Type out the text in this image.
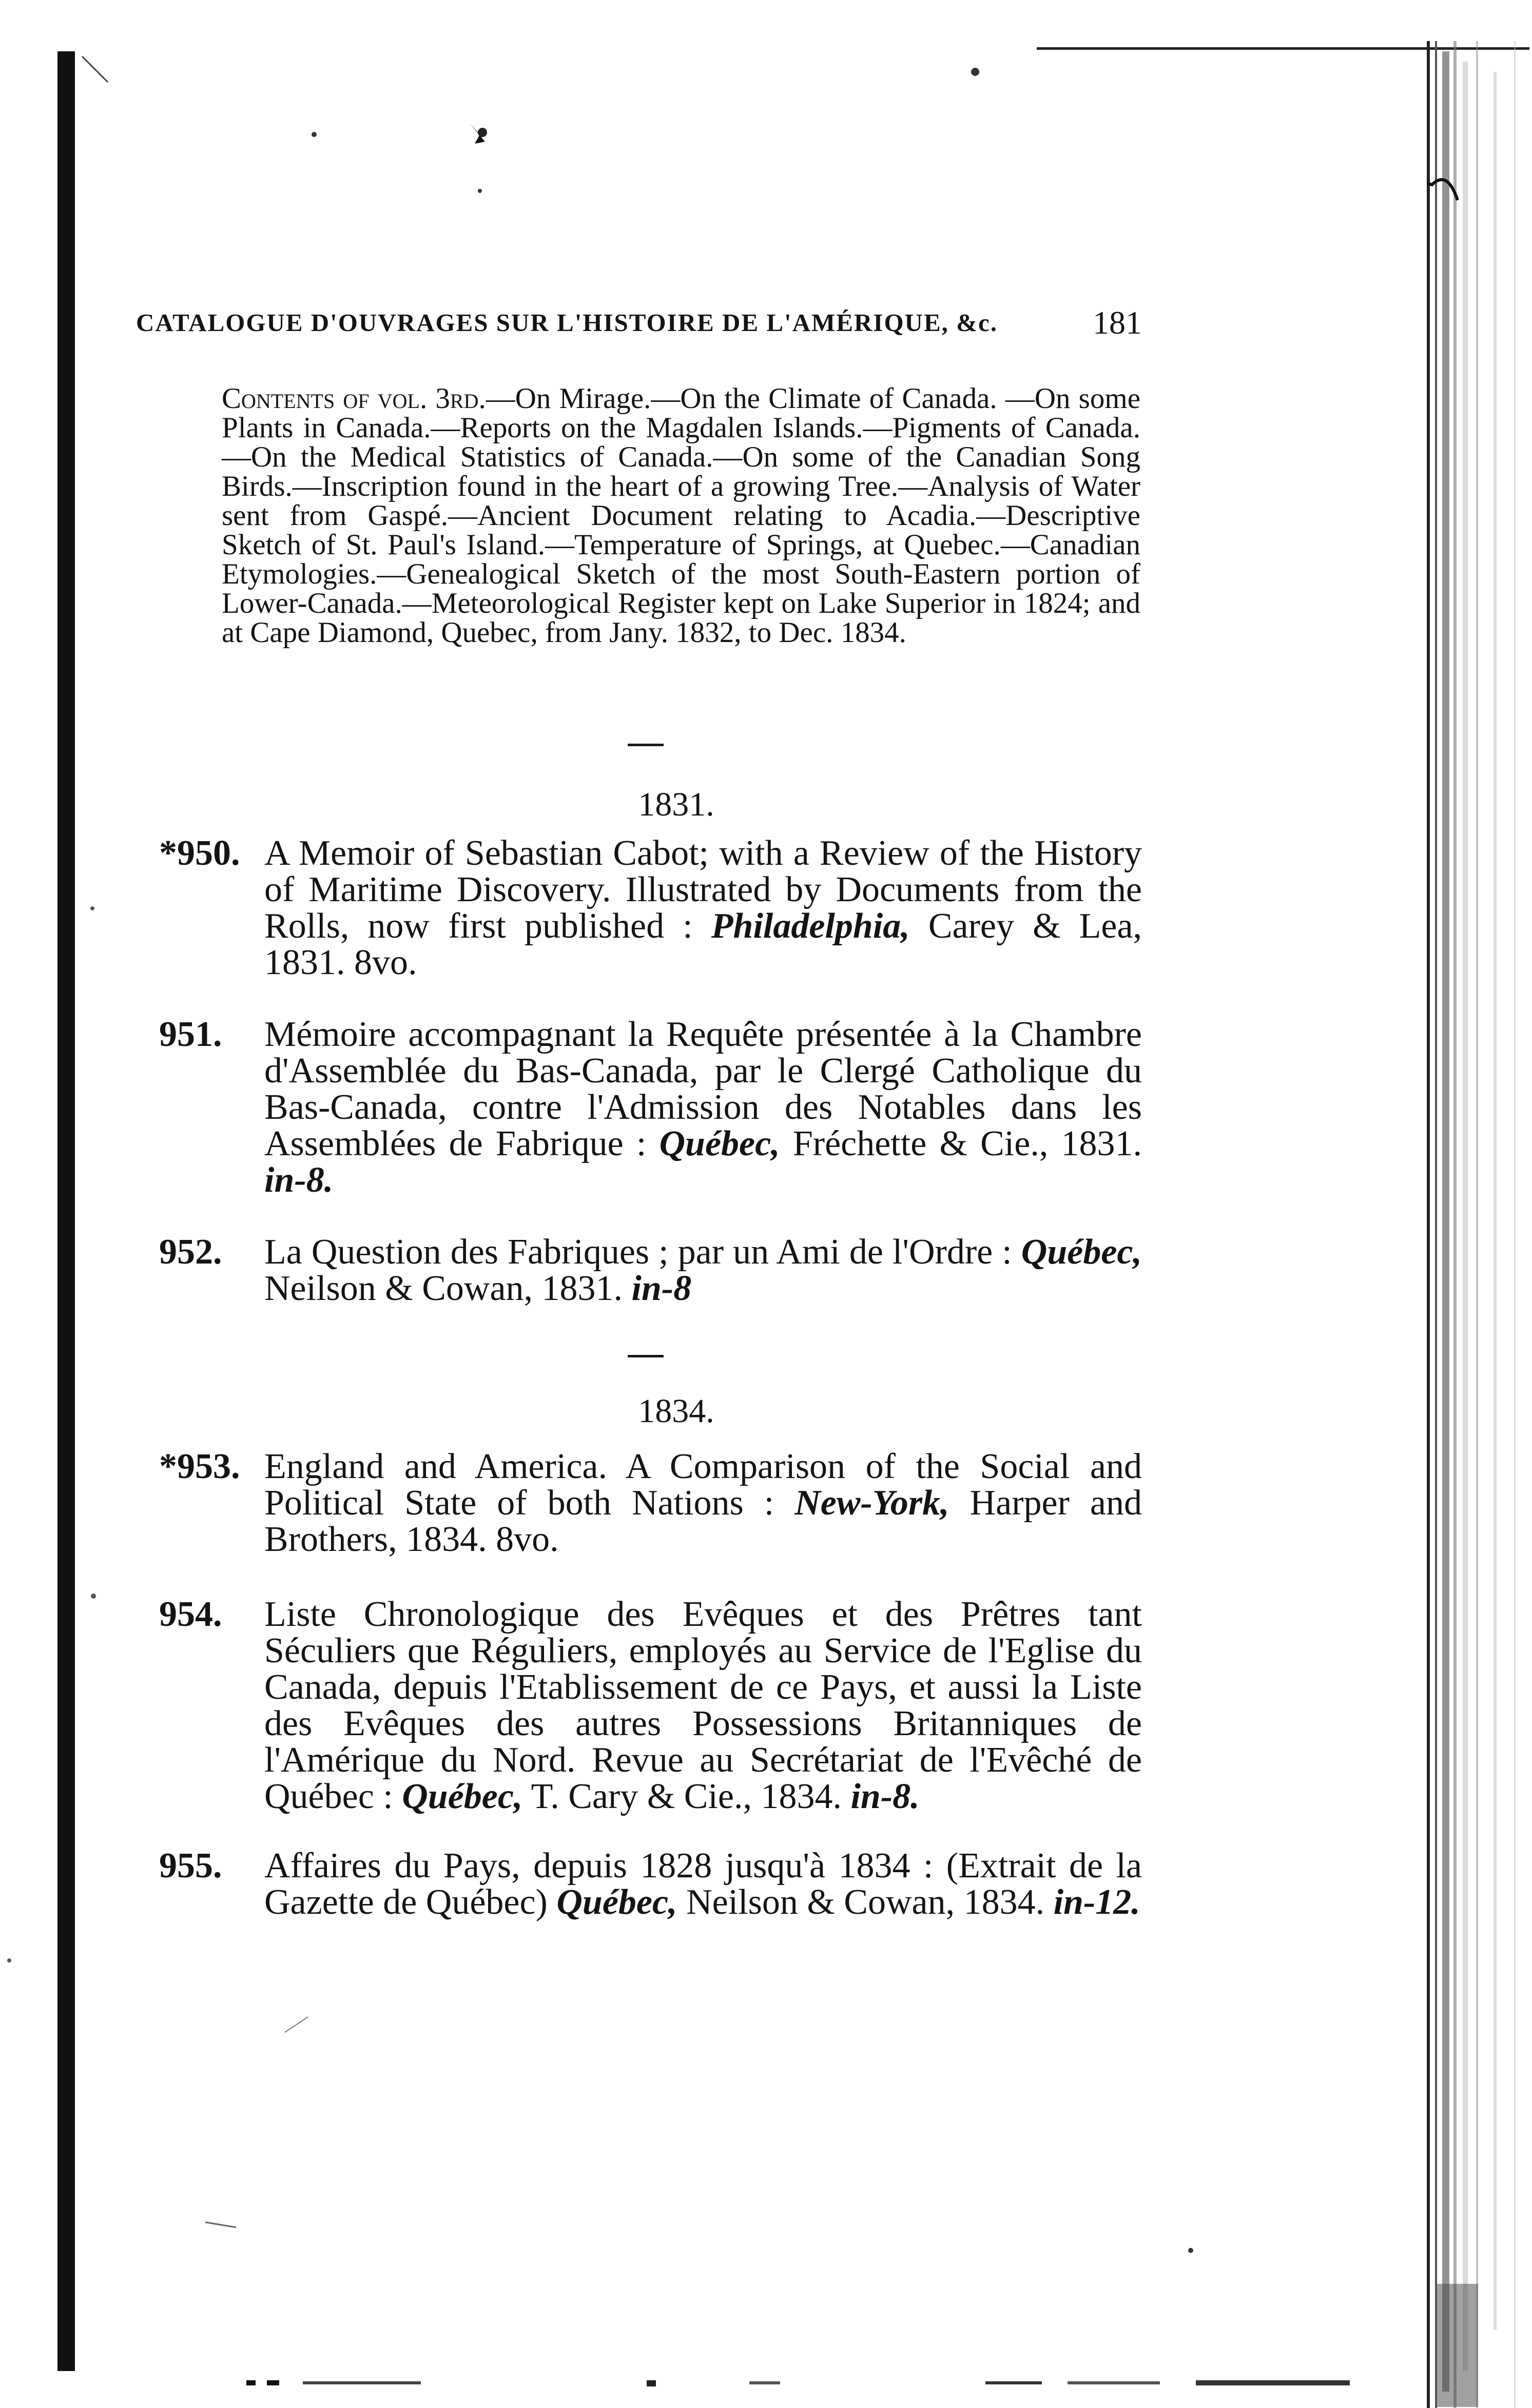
CATALOGUE D'OUVRAGES SUR L'HISTOIRE DE L'AMÉRIQUE, &c.	181
Contents of vol. 3rd.—On Mirage.—On the Climate of Canada. —On some Plants in Canada.—Reports on the Magdalen Islands.—Pigments of Canada.—On the Medical Statistics of Canada.—On some of the Canadian Song Birds.—Inscription found in the heart of a growing Tree.—Analysis of Water sent from Gaspé.—Ancient Document relating to Acadia.—Descriptive Sketch of St. Paul's Island.—Temperature of Springs, at Quebec.—Canadian Etymologies.—Genealogical Sketch of the most South-Eastern portion of Lower-Canada.—Meteorological Register kept on Lake Superior in 1824; and at Cape Diamond, Quebec, from Jany. 1832, to Dec. 1834.
1831.
*950. A Memoir of Sebastian Cabot; with a Review of the History of Maritime Discovery. Illustrated by Documents from the Rolls, now first published : Philadelphia, Carey & Lea, 1831. 8vo.
951. Mémoire accompagnant la Requête présentée à la Chambre d'Assemblée du Bas-Canada, par le Clergé Catholique du Bas-Canada, contre l'Admission des Notables dans les Assemblées de Fabrique : Québec, Fréchette & Cie., 1831. in-8.
952. La Question des Fabriques ; par un Ami de l'Ordre : Québec, Neilson & Cowan, 1831. in-8
1834.
*953. England and America. A Comparison of the Social and Political State of both Nations : New-York, Harper and Brothers, 1834. 8vo.
954. Liste Chronologique des Evêques et des Prêtres tant Séculiers que Réguliers, employés au Service de l'Eglise du Canada, depuis l'Etablissement de ce Pays, et aussi la Liste des Evêques des autres Possessions Britanniques de l'Amérique du Nord. Revue au Secrétariat de l'Evêché de Québec : Québec, T. Cary & Cie., 1834. in-8.
955. Affaires du Pays, depuis 1828 jusqu'à 1834 : (Extrait de la Gazette de Québec) Québec, Neilson & Cowan, 1834. in-12.
